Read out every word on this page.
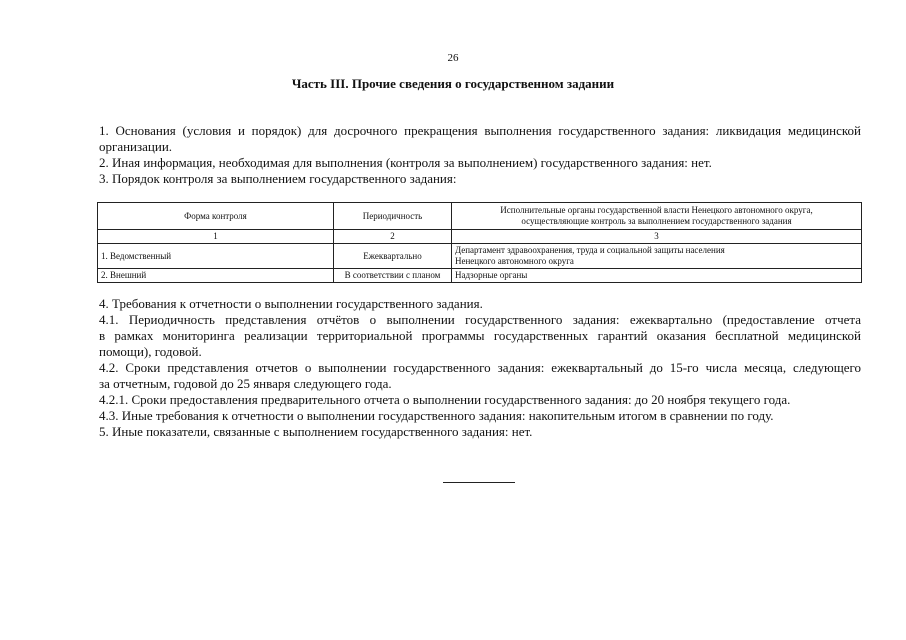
26
Часть III. Прочие сведения о государственном задании
1. Основания (условия и порядок) для досрочного прекращения выполнения государственного задания: ликвидация медицинской
организации.
2. Иная информация, необходимая для выполнения (контроля за выполнением) государственного задания: нет.
3. Порядок контроля за выполнением государственного задания:
Форма контроля	Периодичность	Исполнительные органы государственной власти Ненецкого автономного округа,
осуществляющие контроль за выполнением государственного задания

1	2	3
1. Ведомственный	Ежеквартально	Департамент здравоохранения, труда и социальной защиты населения
Ненецкого автономного округа

2. Внешний	В соответствии с планом	Надзорные органы
4. Требования к отчетности о выполнении государственного задания.
4.1. Периодичность представления отчётов о выполнении государственного задания: ежеквартально (предоставление отчета
в рамках мониторинга реализации территориальной программы государственных гарантий оказания бесплатной медицинской
помощи), годовой.
4.2. Сроки представления отчетов о выполнении государственного задания: ежеквартальный до 15-го числа месяца, следующего
за отчетным, годовой до 25 января следующего года.
4.2.1. Сроки предоставления предварительного отчета о выполнении государственного задания: до 20 ноября текущего года.
4.3. Иные требования к отчетности о выполнении государственного задания: накопительным итогом в сравнении по году.
5. Иные показатели, связанные с выполнением государственного задания: нет.
